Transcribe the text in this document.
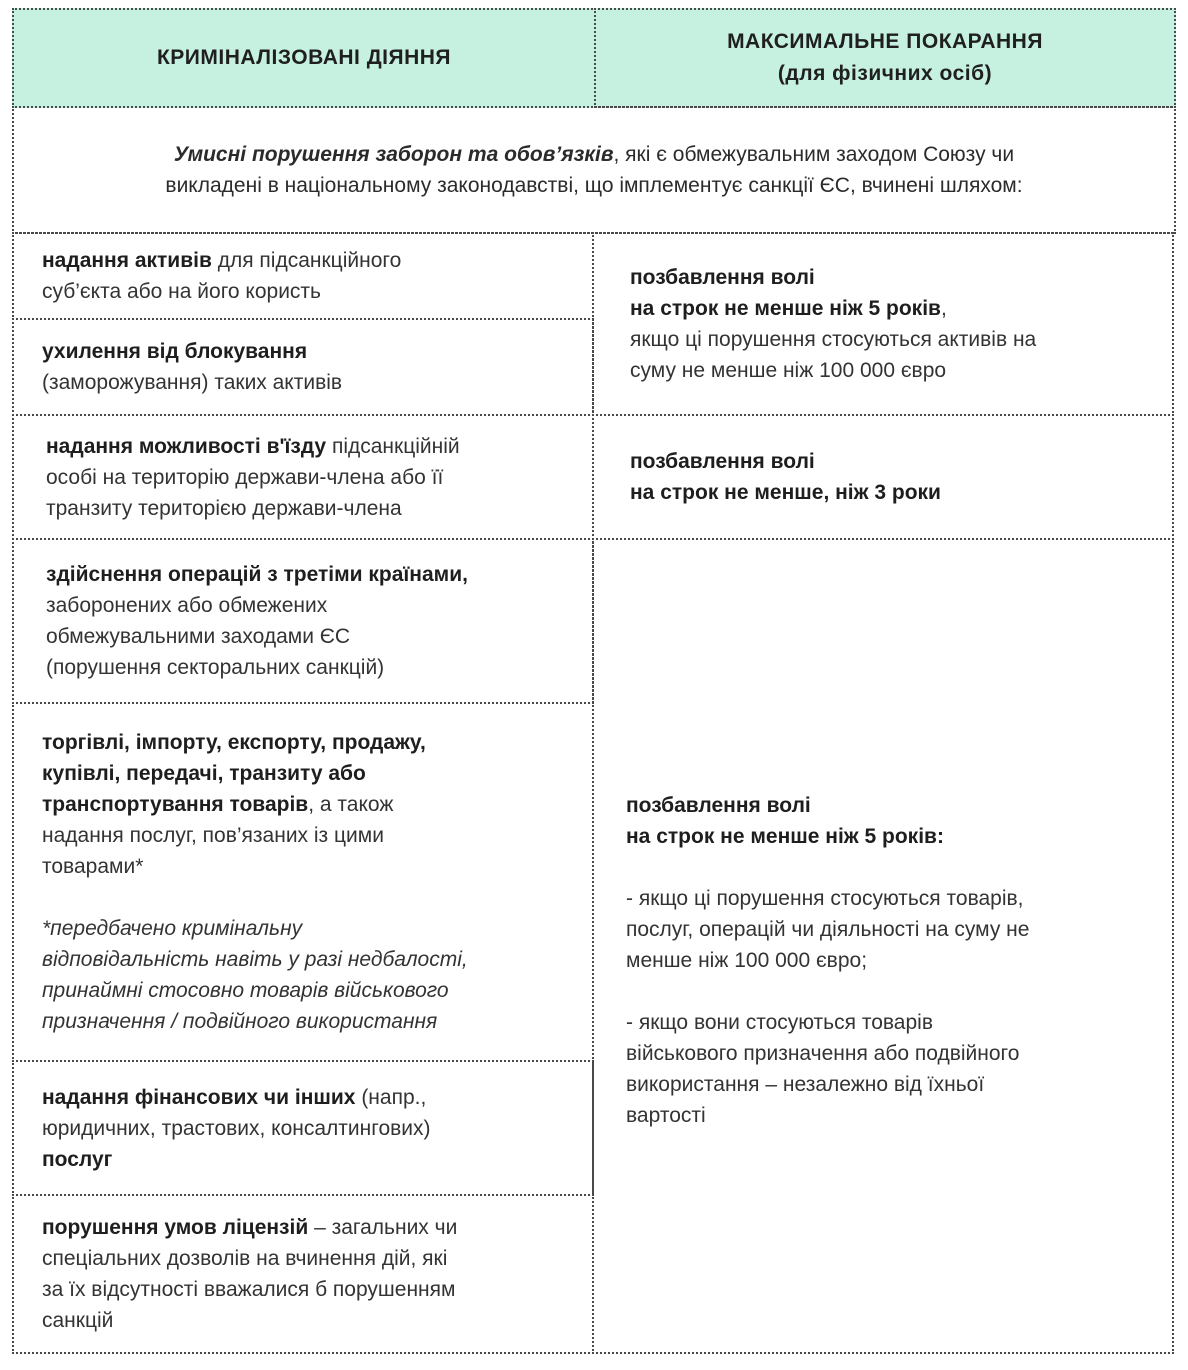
КРИМІНАЛІЗОВАНІ ДІЯННЯ
МАКСИМАЛЬНЕ ПОКАРАННЯ
(для фізичних осіб)
Умисні порушення заборон та обов’язків, які є обмежувальним заходом Союзу чи
викладені в національному законодавстві, що імплементує санкції ЄС, вчинені шляхом:
надання активів для підсанкційного
суб’єкта або на його користь
ухилення від блокування
(заморожування) таких активів
надання можливості в'їзду підсанкційній
особі на територію держави-члена або її
транзиту територією держави-члена
здійснення операцій з третіми країнами,
заборонених або обмежених
обмежувальними заходами ЄС
(порушення секторальних санкцій)
торгівлі, імпорту, експорту, продажу,
купівлі, передачі, транзиту або
транспортування товарів, а також
надання послуг, пов’язаних із цими
товарами*
*передбачено кримінальну
відповідальність навіть у разі недбалості,
принаймні стосовно товарів військового
призначення / подвійного використання
надання фінансових чи інших (напр.,
юридичних, трастових, консалтингових)
послуг
порушення умов ліцензій – загальних чи
спеціальних дозволів на вчинення дій, які
за їх відсутності вважалися б порушенням
санкцій
позбавлення волі
на строк не менше ніж 5 років,
якщо ці порушення стосуються активів на
суму не менше ніж 100 000 євро
позбавлення волі
на строк не менше, ніж 3 роки
позбавлення волі
на строк не менше ніж 5 років:
- якщо ці порушення стосуються товарів,
послуг, операцій чи діяльності на суму не
менше ніж 100 000 євро;
- якщо вони стосуються товарів
військового призначення або подвійного
використання – незалежно від їхньої
вартості
